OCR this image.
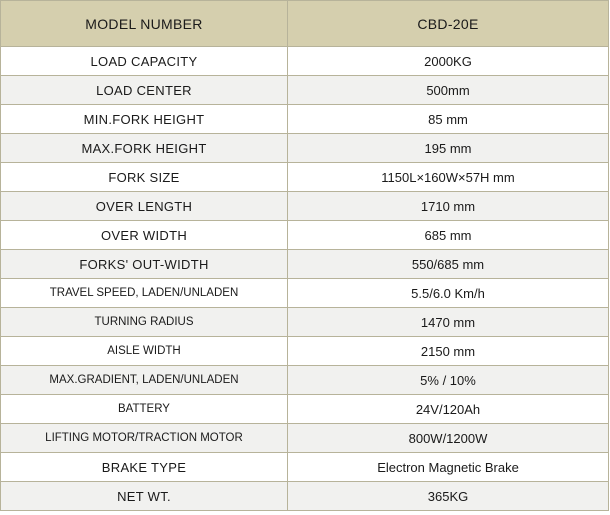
MODEL NUMBER	CBD-20E
LOAD CAPACITY	2000KG
LOAD CENTER	500mm
MIN.FORK HEIGHT	85 mm
MAX.FORK HEIGHT	195 mm
FORK SIZE	1150L×160W×57H mm
OVER LENGTH	1710 mm
OVER WIDTH	685 mm
FORKS' OUT-WIDTH	550/685 mm
TRAVEL SPEED, LADEN/UNLADEN	5.5/6.0 Km/h
TURNING RADIUS	1470 mm
AISLE WIDTH	2150 mm
MAX.GRADIENT, LADEN/UNLADEN	5% / 10%
BATTERY	24V/120Ah
LIFTING MOTOR/TRACTION MOTOR	800W/1200W
BRAKE TYPE	Electron Magnetic Brake
NET WT.	365KG
